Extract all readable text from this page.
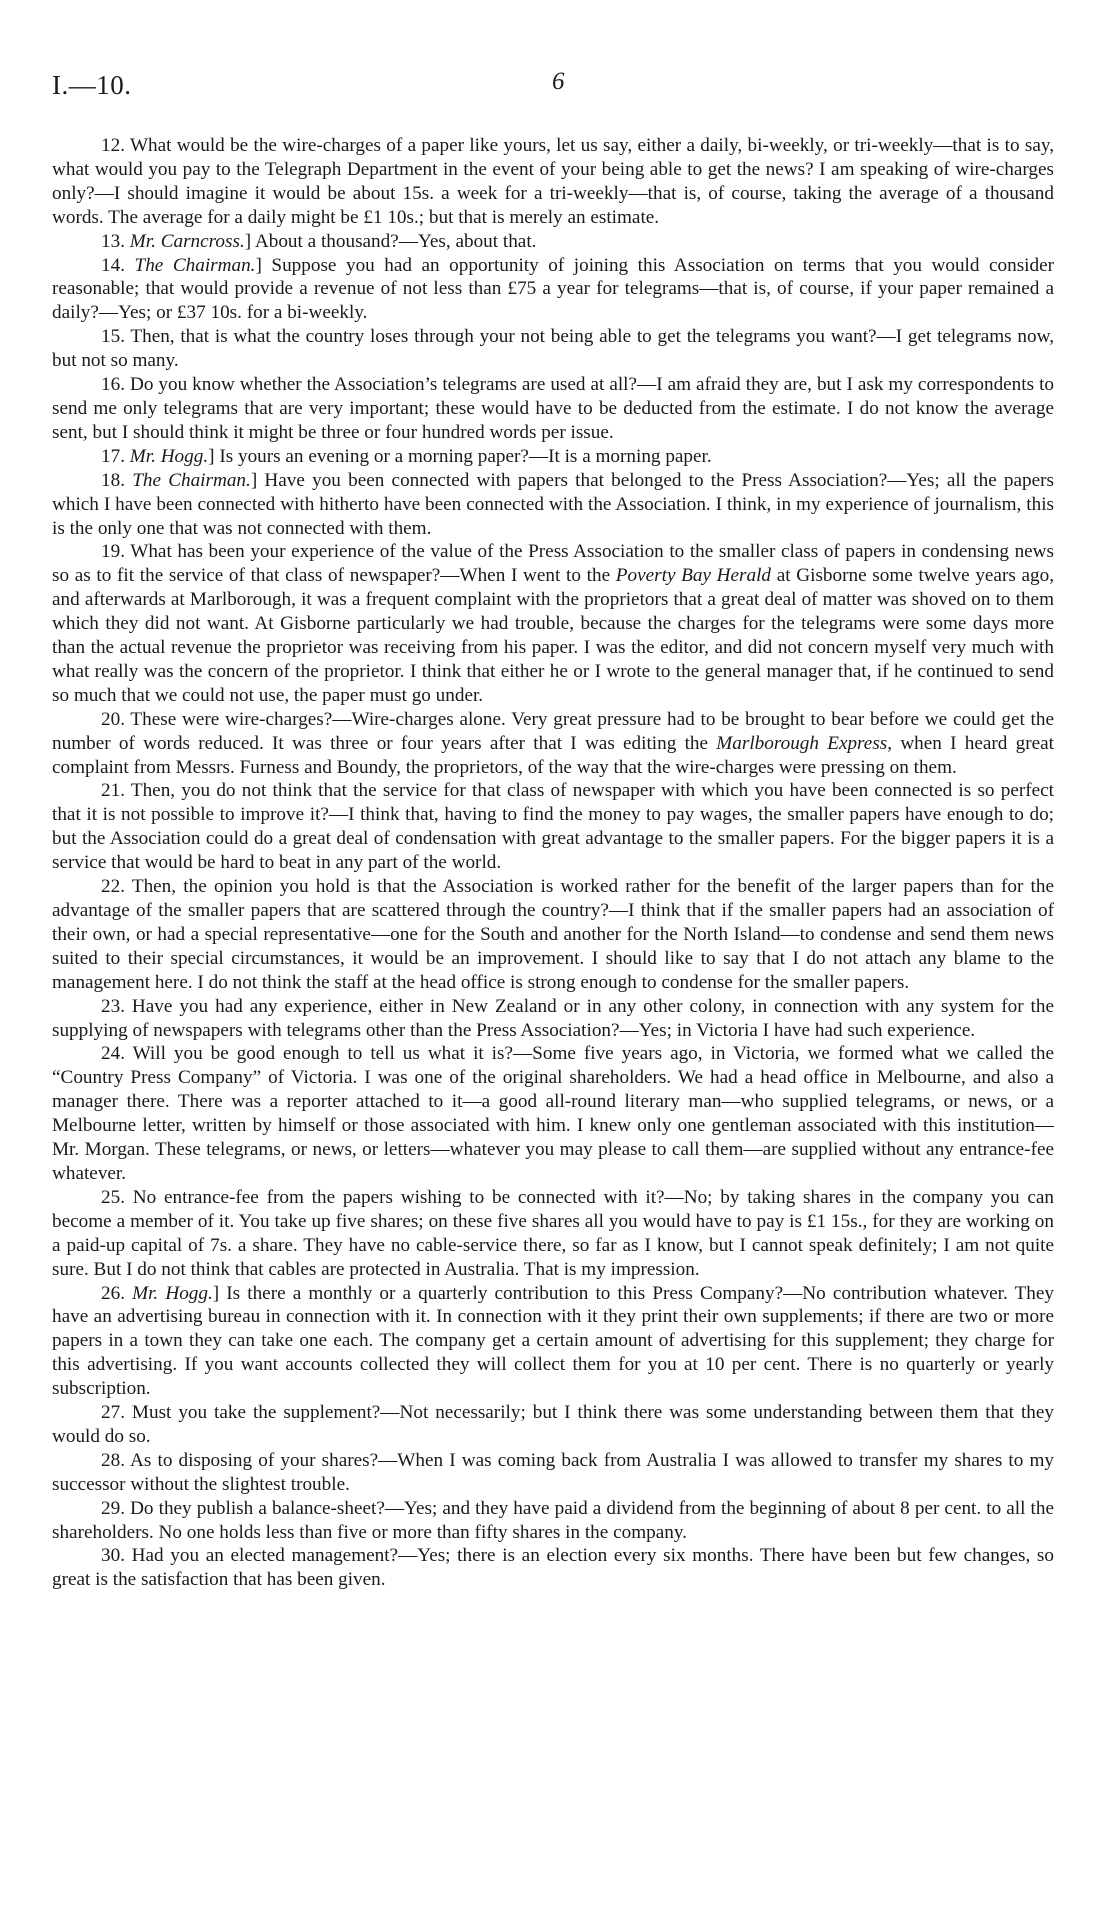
I.—10.	6

12. What would be the wire-charges of a paper like yours, let us say, either a daily, bi-weekly, or tri-weekly—that is to say, what would you pay to the Telegraph Department in the event of your being able to get the news? I am speaking of wire-charges only?—I should imagine it would be about 15s. a week for a tri-weekly—that is, of course, taking the average of a thousand words. The average for a daily might be £1 10s.; but that is merely an estimate.

13. Mr. Carncross.] About a thousand?—Yes, about that.

14. The Chairman.] Suppose you had an opportunity of joining this Association on terms that you would consider reasonable; that would provide a revenue of not less than £75 a year for telegrams—that is, of course, if your paper remained a daily?—Yes; or £37 10s. for a bi-weekly.

15. Then, that is what the country loses through your not being able to get the telegrams you want?—I get telegrams now, but not so many.

16. Do you know whether the Association’s telegrams are used at all?—I am afraid they are, but I ask my correspondents to send me only telegrams that are very important; these would have to be deducted from the estimate. I do not know the average sent, but I should think it might be three or four hundred words per issue.

17. Mr. Hogg.] Is yours an evening or a morning paper?—It is a morning paper.

18. The Chairman.] Have you been connected with papers that belonged to the Press Association?—Yes; all the papers which I have been connected with hitherto have been connected with the Association. I think, in my experience of journalism, this is the only one that was not connected with them.

19. What has been your experience of the value of the Press Association to the smaller class of papers in condensing news so as to fit the service of that class of newspaper?—When I went to the Poverty Bay Herald at Gisborne some twelve years ago, and afterwards at Marlborough, it was a frequent complaint with the proprietors that a great deal of matter was shoved on to them which they did not want. At Gisborne particularly we had trouble, because the charges for the telegrams were some days more than the actual revenue the proprietor was receiving from his paper. I was the editor, and did not concern myself very much with what really was the concern of the proprietor. I think that either he or I wrote to the general manager that, if he continued to send so much that we could not use, the paper must go under.

20. These were wire-charges?—Wire-charges alone. Very great pressure had to be brought to bear before we could get the number of words reduced. It was three or four years after that I was editing the Marlborough Express, when I heard great complaint from Messrs. Furness and Boundy, the proprietors, of the way that the wire-charges were pressing on them.

21. Then, you do not think that the service for that class of newspaper with which you have been connected is so perfect that it is not possible to improve it?—I think that, having to find the money to pay wages, the smaller papers have enough to do; but the Association could do a great deal of condensation with great advantage to the smaller papers. For the bigger papers it is a service that would be hard to beat in any part of the world.

22. Then, the opinion you hold is that the Association is worked rather for the benefit of the larger papers than for the advantage of the smaller papers that are scattered through the country?—I think that if the smaller papers had an association of their own, or had a special representative—one for the South and another for the North Island—to condense and send them news suited to their special circumstances, it would be an improvement. I should like to say that I do not attach any blame to the management here. I do not think the staff at the head office is strong enough to condense for the smaller papers.

23. Have you had any experience, either in New Zealand or in any other colony, in connection with any system for the supplying of newspapers with telegrams other than the Press Association?—Yes; in Victoria I have had such experience.

24. Will you be good enough to tell us what it is?—Some five years ago, in Victoria, we formed what we called the “Country Press Company” of Victoria. I was one of the original shareholders. We had a head office in Melbourne, and also a manager there. There was a reporter attached to it—a good all-round literary man—who supplied telegrams, or news, or a Melbourne letter, written by himself or those associated with him. I knew only one gentleman associated with this institution—Mr. Morgan. These telegrams, or news, or letters—whatever you may please to call them—are supplied without any entrance-fee whatever.

25. No entrance-fee from the papers wishing to be connected with it?—No; by taking shares in the company you can become a member of it. You take up five shares; on these five shares all you would have to pay is £1 15s., for they are working on a paid-up capital of 7s. a share. They have no cable-service there, so far as I know, but I cannot speak definitely; I am not quite sure. But I do not think that cables are protected in Australia. That is my impression.

26. Mr. Hogg.] Is there a monthly or a quarterly contribution to this Press Company?—No contribution whatever. They have an advertising bureau in connection with it. In connection with it they print their own supplements; if there are two or more papers in a town they can take one each. The company get a certain amount of advertising for this supplement; they charge for this advertising. If you want accounts collected they will collect them for you at 10 per cent. There is no quarterly or yearly subscription.

27. Must you take the supplement?—Not necessarily; but I think there was some understanding between them that they would do so.

28. As to disposing of your shares?—When I was coming back from Australia I was allowed to transfer my shares to my successor without the slightest trouble.

29. Do they publish a balance-sheet?—Yes; and they have paid a dividend from the beginning of about 8 per cent. to all the shareholders. No one holds less than five or more than fifty shares in the company.

30. Had you an elected management?—Yes; there is an election every six months. There have been but few changes, so great is the satisfaction that has been given.
